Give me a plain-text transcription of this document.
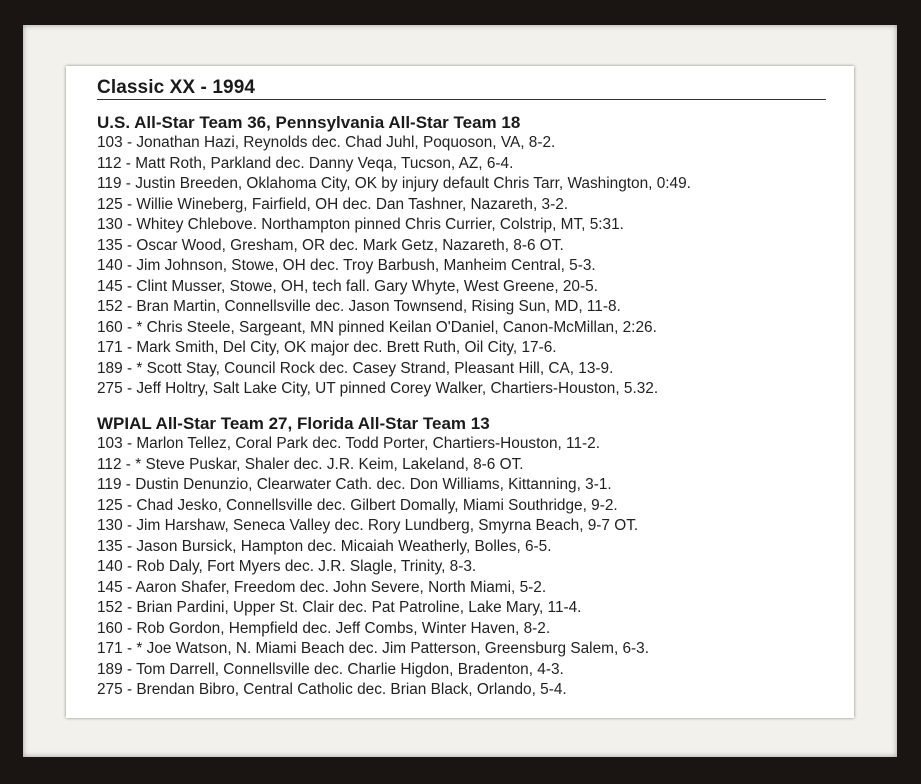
Classic XX - 1994
U.S. All-Star Team 36, Pennsylvania All-Star Team 18
103 - Jonathan Hazi, Reynolds dec. Chad Juhl, Poquoson, VA, 8-2.
112 - Matt Roth, Parkland dec. Danny Veqa, Tucson, AZ, 6-4.
119 - Justin Breeden, Oklahoma City, OK by injury default Chris Tarr, Washington, 0:49.
125 - Willie Wineberg, Fairfield, OH dec. Dan Tashner, Nazareth, 3-2.
130 - Whitey Chlebove. Northampton pinned Chris Currier, Colstrip, MT, 5:31.
135 - Oscar Wood, Gresham, OR dec. Mark Getz, Nazareth, 8-6 OT.
140 - Jim Johnson, Stowe, OH dec. Troy Barbush, Manheim Central, 5-3.
145 - Clint Musser, Stowe, OH, tech fall. Gary Whyte, West Greene, 20-5.
152 - Bran Martin, Connellsville dec. Jason Townsend, Rising Sun, MD, 11-8.
160 - * Chris Steele, Sargeant, MN pinned Keilan O'Daniel, Canon-McMillan, 2:26.
171 - Mark Smith, Del City, OK major dec. Brett Ruth, Oil City, 17-6.
189 - * Scott Stay, Council Rock dec. Casey Strand, Pleasant Hill, CA, 13-9.
275 - Jeff Holtry, Salt Lake City, UT pinned Corey Walker, Chartiers-Houston, 5.32.
WPIAL All-Star Team 27, Florida All-Star Team 13
103 - Marlon Tellez, Coral Park dec. Todd Porter, Chartiers-Houston, 11-2.
112 - * Steve Puskar, Shaler dec. J.R. Keim, Lakeland, 8-6 OT.
119 - Dustin Denunzio, Clearwater Cath. dec. Don Williams, Kittanning, 3-1.
125 - Chad Jesko, Connellsville dec. Gilbert Domally, Miami Southridge, 9-2.
130 - Jim Harshaw, Seneca Valley dec. Rory Lundberg, Smyrna Beach, 9-7 OT.
135 - Jason Bursick, Hampton dec. Micaiah Weatherly, Bolles, 6-5.
140 - Rob Daly, Fort Myers dec. J.R. Slagle, Trinity, 8-3.
145 - Aaron Shafer, Freedom dec. John Severe, North Miami, 5-2.
152 - Brian Pardini, Upper St. Clair dec. Pat Patroline, Lake Mary, 11-4.
160 - Rob Gordon, Hempfield dec. Jeff Combs, Winter Haven, 8-2.
171 - * Joe Watson, N. Miami Beach dec. Jim Patterson, Greensburg Salem, 6-3.
189 - Tom Darrell, Connellsville dec. Charlie Higdon, Bradenton, 4-3.
275 - Brendan Bibro, Central Catholic dec. Brian Black, Orlando, 5-4.
